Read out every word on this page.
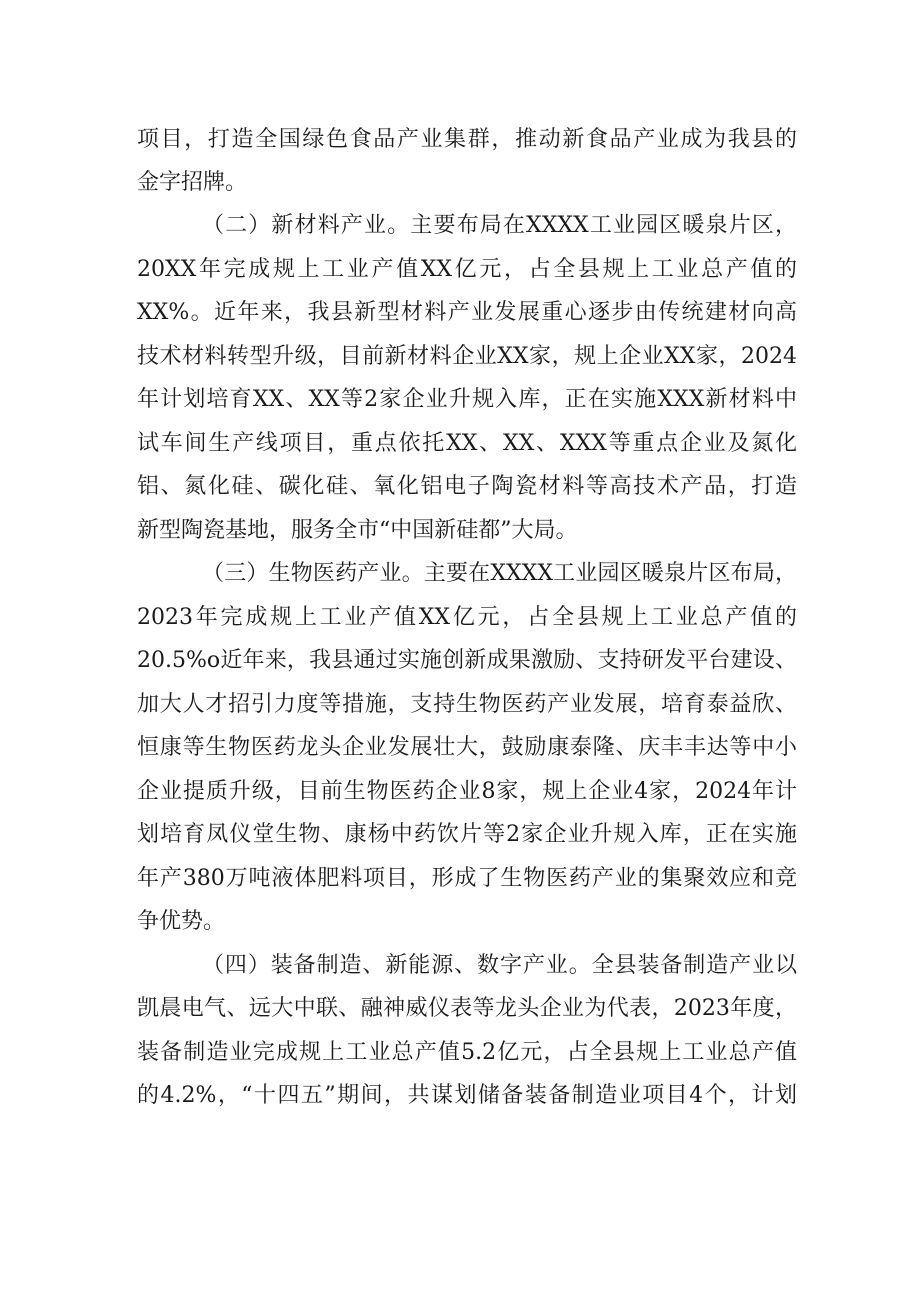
项目，打造全国绿色食品产业集群，推动新食品产业成为我县的
金字招牌。
（二）新材料产业。主要布局在XXXX工业园区暖泉片区，
20XX年完成规上工业产值XX亿元，占全县规上工业总产值的
XX%。近年来，我县新型材料产业发展重心逐步由传统建材向高
技术材料转型升级，目前新材料企业XX家，规上企业XX家，2024
年计划培育XX、XX等2家企业升规入库，正在实施XXX新材料中
试车间生产线项目，重点依托XX、XX、XXX等重点企业及氮化
铝、氮化硅、碳化硅、氧化铝电子陶瓷材料等高技术产品，打造
新型陶瓷基地，服务全市“中国新硅都”大局。
（三）生物医药产业。主要在XXXX工业园区暖泉片区布局，
2023年完成规上工业产值XX亿元，占全县规上工业总产值的
20.5%o近年来，我县通过实施创新成果激励、支持研发平台建设、
加大人才招引力度等措施，支持生物医药产业发展，培育泰益欣、
恒康等生物医药龙头企业发展壮大，鼓励康泰隆、庆丰丰达等中小
企业提质升级，目前生物医药企业8家，规上企业4家，2024年计
划培育凤仪堂生物、康杨中药饮片等2家企业升规入库，正在实施
年产380万吨液体肥料项目，形成了生物医药产业的集聚效应和竞
争优势。
（四）装备制造、新能源、数字产业。全县装备制造产业以
凯晨电气、远大中联、融神威仪表等龙头企业为代表，2023年度，
装备制造业完成规上工业总产值5.2亿元，占全县规上工业总产值
的4.2%，“十四五”期间，共谋划储备装备制造业项目4个，计划
